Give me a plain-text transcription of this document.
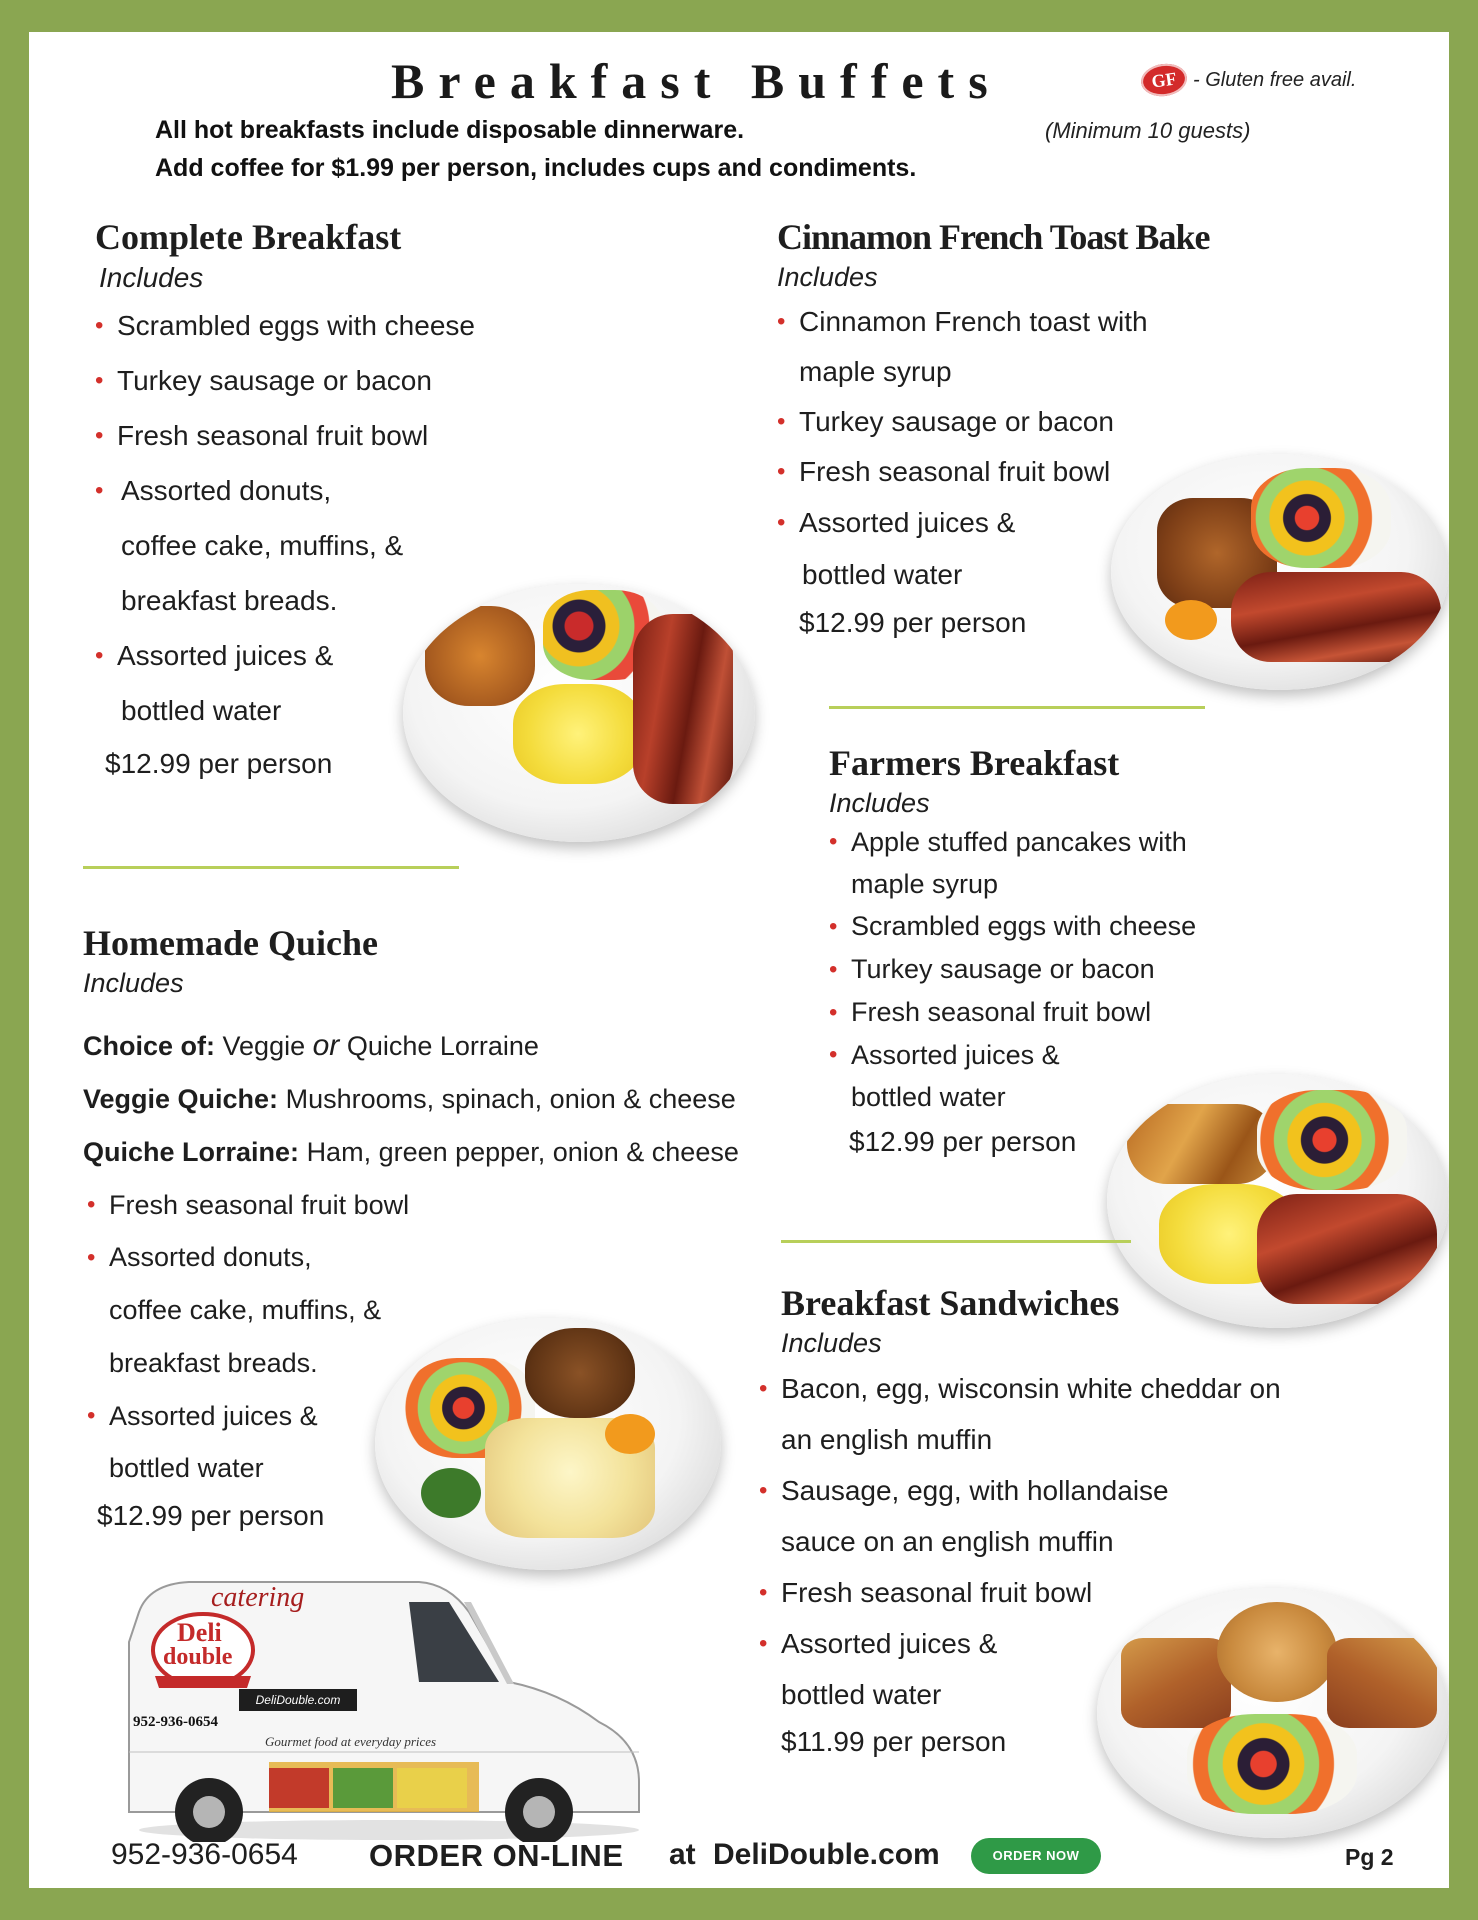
Breakfast Buffets	GF - Gluten free avail.
All hot breakfasts include disposable dinnerware.
Add coffee for $1.99 per person, includes cups and condiments.
(Minimum 10 guests)
Complete Breakfast
Includes
• Scrambled eggs with cheese
• Turkey sausage or bacon
• Fresh seasonal fruit bowl
• Assorted donuts,
coffee cake, muffins, &
breakfast breads.
• Assorted juices &
bottled water
$12.99 per person
Cinnamon French Toast Bake
Includes
• Cinnamon French toast with
maple syrup
• Turkey sausage or bacon
• Fresh seasonal fruit bowl
• Assorted juices &
bottled water
$12.99 per person
Farmers Breakfast
Includes
• Apple stuffed pancakes with
maple syrup
• Scrambled eggs with cheese
• Turkey sausage or bacon
• Fresh seasonal fruit bowl
• Assorted juices &
bottled water
$12.99 per person
Homemade Quiche
Includes
Choice of: Veggie or Quiche Lorraine
Veggie Quiche: Mushrooms, spinach, onion & cheese
Quiche Lorraine: Ham, green pepper, onion & cheese
• Fresh seasonal fruit bowl
• Assorted donuts,
coffee cake, muffins, &
breakfast breads.
• Assorted juices &
bottled water
$12.99 per person
Breakfast Sandwiches
Includes
• Bacon, egg, wisconsin white cheddar on
an english muffin
• Sausage, egg, with hollandaise
sauce on an english muffin
• Fresh seasonal fruit bowl
• Assorted juices &
bottled water
$11.99 per person
catering
Deli
double
DeliDouble.com
952-936-0654
Gourmet food at everyday prices
952-936-0654 ORDER ON-LINE at DeliDouble.com	ORDER NOW	Pg 2
